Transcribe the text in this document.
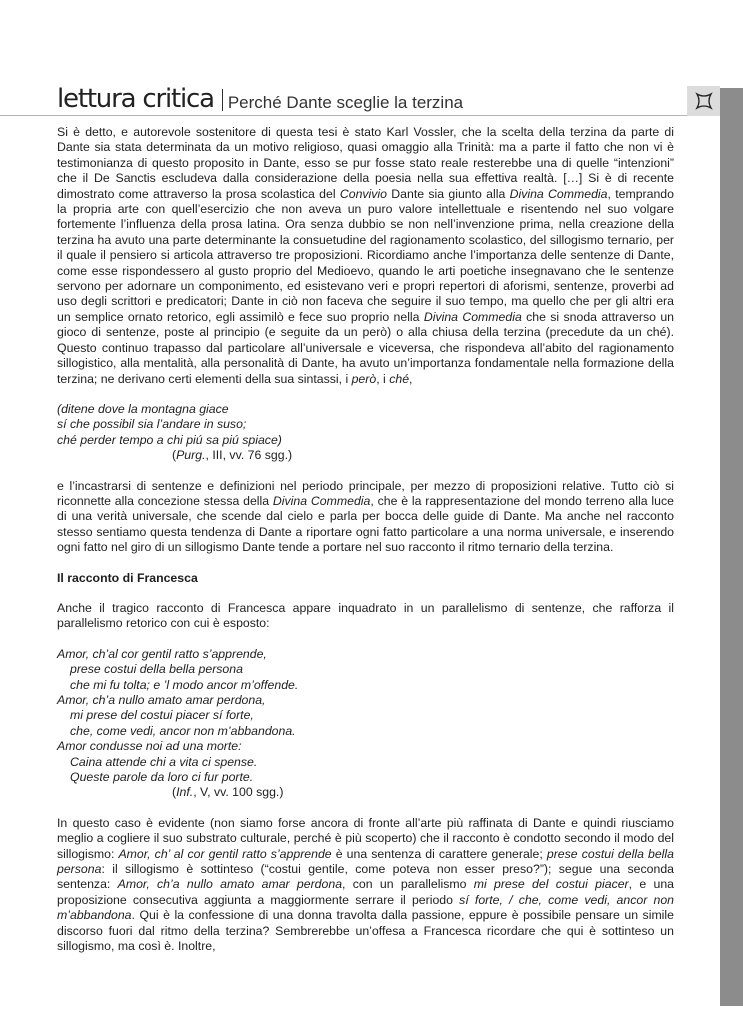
lettura critica Perché Dante sceglie la terzina

Si è detto, e autorevole sostenitore di questa tesi è stato Karl Vossler, che la scelta della terzina da parte di Dante sia stata determinata da un motivo religioso, quasi omaggio alla Trinità: ma a parte il fatto che non vi è testimonianza di questo proposito in Dante, esso se pur fosse stato reale resterebbe una di quelle “intenzioni” che il De Sanctis escludeva dalla considerazione della poesia nella sua effettiva realtà. […] Si è di recente dimostrato come attraverso la prosa scolastica del Convivio Dante sia giunto alla Divina Commedia, temprando la propria arte con quell’esercizio che non aveva un puro valore intellettuale e risentendo nel suo volgare fortemente l’influenza della prosa latina. Ora senza dubbio se non nell’invenzione prima, nella creazione della terzina ha avuto una parte determinante la consuetudine del ragionamento scolastico, del sillogismo ternario, per il quale il pensiero si articola attraverso tre proposizioni. Ricordiamo anche l’importanza delle sentenze di Dante, come esse rispondessero al gusto proprio del Medioevo, quando le arti poetiche insegnavano che le sentenze servono per adornare un componimento, ed esistevano veri e propri repertori di aforismi, sentenze, proverbi ad uso degli scrittori e predicatori; Dante in ciò non faceva che seguire il suo tempo, ma quello che per gli altri era un semplice ornato retorico, egli assimilò e fece suo proprio nella Divina Commedia che si snoda attraverso un gioco di sentenze, poste al principio (e seguite da un però) o alla chiusa della terzina (precedute da un ché). Questo continuo trapasso dal particolare all’universale e viceversa, che rispondeva all’abito del ragionamento sillogistico, alla mentalità, alla personalità di Dante, ha avuto un’importanza fondamentale nella formazione della terzina; ne derivano certi elementi della sua sintassi, i però, i ché,

(ditene dove la montagna giace
sí che possibil sia l’andare in suso;
ché perder tempo a chi piú sa piú spiace)
(Purg., III, vv. 76 sgg.)

e l’incastrarsi di sentenze e definizioni nel periodo principale, per mezzo di proposizioni relative. Tutto ciò si riconnette alla concezione stessa della Divina Commedia, che è la rappresentazione del mondo terreno alla luce di una verità universale, che scende dal cielo e parla per bocca delle guide di Dante. Ma anche nel racconto stesso sentiamo questa tendenza di Dante a riportare ogni fatto particolare a una norma universale, e inserendo ogni fatto nel giro di un sillogismo Dante tende a portare nel suo racconto il ritmo ternario della terzina.

Il racconto di Francesca

Anche il tragico racconto di Francesca appare inquadrato in un parallelismo di sentenze, che rafforza il parallelismo retorico con cui è esposto:

Amor, ch’al cor gentil ratto s’apprende,
prese costui della bella persona
che mi fu tolta; e ’l modo ancor m’offende.
Amor, ch’a nullo amato amar perdona,
mi prese del costui piacer sí forte,
che, come vedi, ancor non m’abbandona.
Amor condusse noi ad una morte:
Caina attende chi a vita ci spense.
Queste parole da loro ci fur porte.
(Inf., V, vv. 100 sgg.)

In questo caso è evidente (non siamo forse ancora di fronte all’arte più raffinata di Dante e quindi riusciamo meglio a cogliere il suo substrato culturale, perché è più scoperto) che il racconto è condotto secondo il modo del sillogismo: Amor, ch’ al cor gentil ratto s’apprende è una sentenza di carattere generale; prese costui della bella persona: il sillogismo è sottinteso (“costui gentile, come poteva non esser preso?”); segue una seconda sentenza: Amor, ch’a nullo amato amar perdona, con un parallelismo mi prese del costui piacer, e una proposizione consecutiva aggiunta a maggiormente serrare il periodo sí forte, / che, come vedi, ancor non m’abbandona. Qui è la confessione di una donna travolta dalla passione, eppure è possibile pensare un simile discorso fuori dal ritmo della terzina? Sembrerebbe un’offesa a Francesca ricordare che qui è sottinteso un sillogismo, ma così è. Inoltre,
